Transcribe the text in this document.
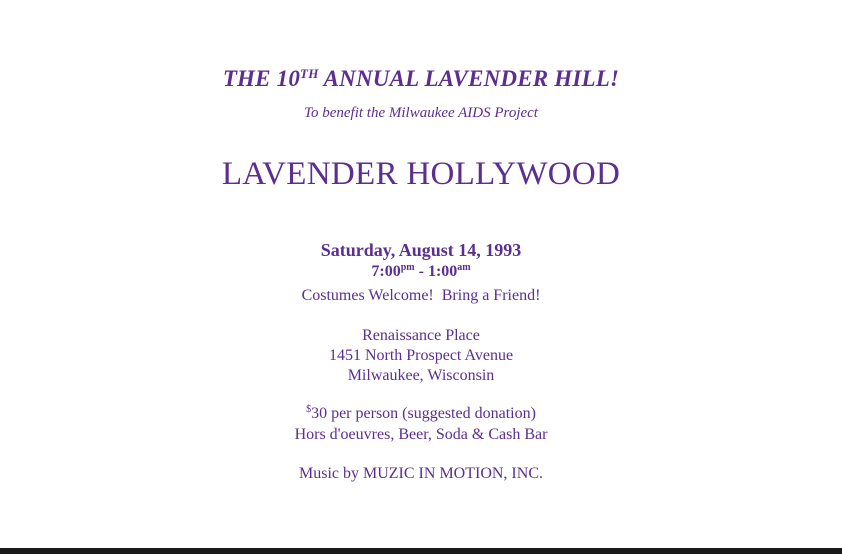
THE 10TH ANNUAL LAVENDER HILL!
To benefit the Milwaukee AIDS Project
LAVENDER HOLLYWOOD
Saturday, August 14, 1993
$7:00^{pm}$ - $1:00^{am}$
Costumes Welcome!  Bring a Friend!
Renaissance Place
1451 North Prospect Avenue
Milwaukee, Wisconsin
$30 per person (suggested donation)
Hors d'oeuvres, Beer, Soda & Cash Bar
Music by MUZIC IN MOTION, INC.
